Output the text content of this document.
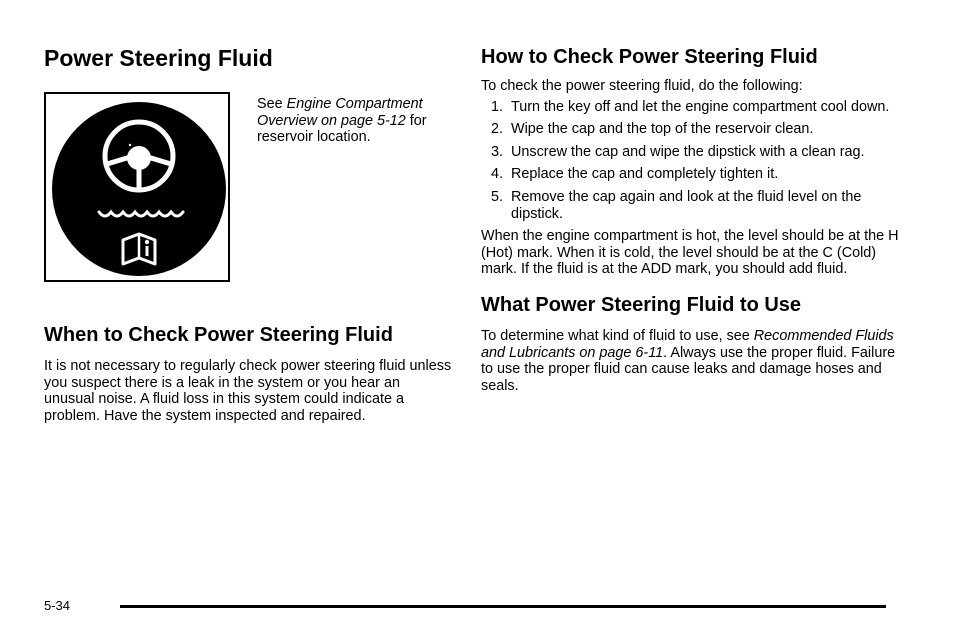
Power Steering Fluid
See Engine Compartment Overview on page 5-12 for reservoir location.
When to Check Power Steering Fluid

It is not necessary to regularly check power steering fluid unless you suspect there is a leak in the system or you hear an unusual noise. A fluid loss in this system could indicate a problem. Have the system inspected and repaired.

How to Check Power Steering Fluid

To check the power steering fluid, do the following:

1. Turn the key off and let the engine compartment cool down.
2. Wipe the cap and the top of the reservoir clean.
3. Unscrew the cap and wipe the dipstick with a clean rag.
4. Replace the cap and completely tighten it.
5. Remove the cap again and look at the fluid level on the dipstick.

When the engine compartment is hot, the level should be at the H (Hot) mark. When it is cold, the level should be at the C (Cold) mark. If the fluid is at the ADD mark, you should add fluid.

What Power Steering Fluid to Use

To determine what kind of fluid to use, see Recommended Fluids and Lubricants on page 6-11. Always use the proper fluid. Failure to use the proper fluid can cause leaks and damage hoses and seals.

5-34
